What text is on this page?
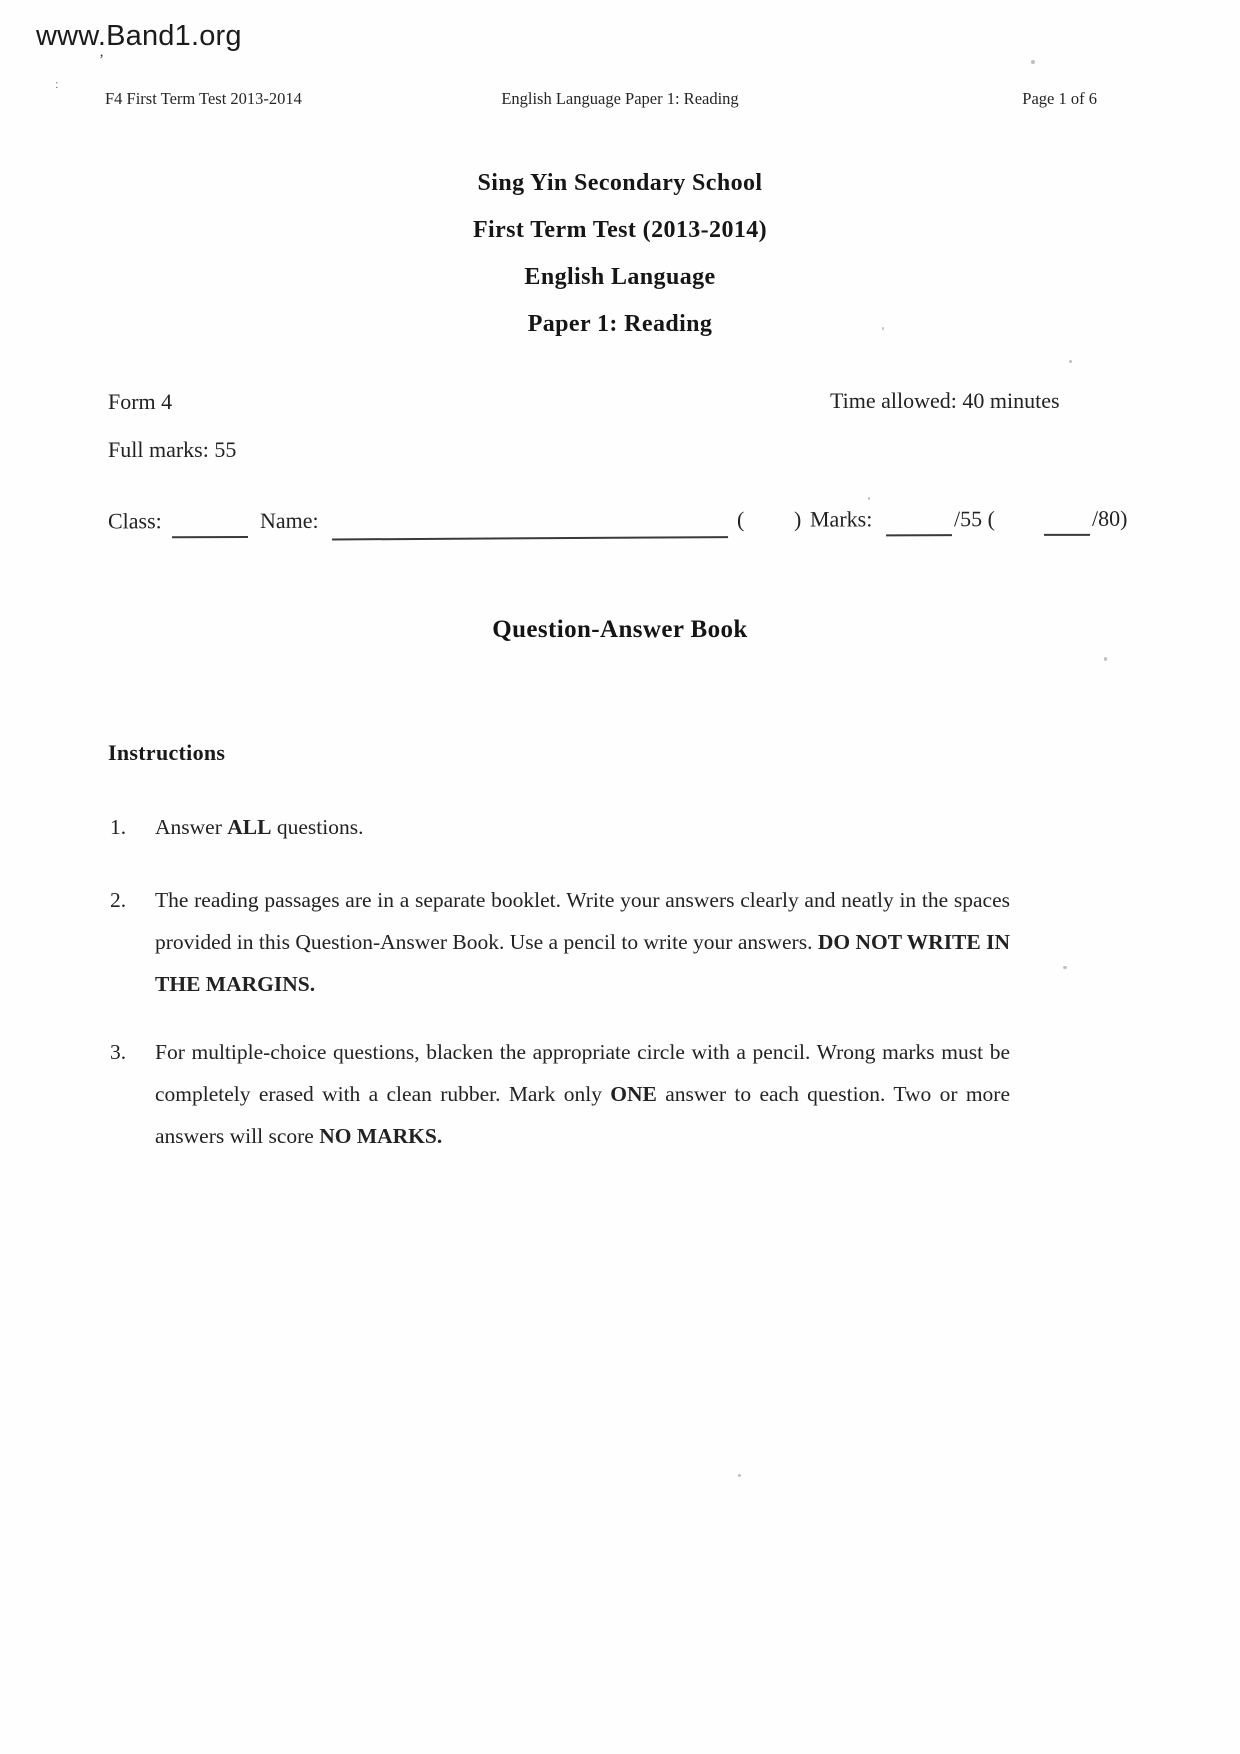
www.Band1.org
’
ː
F4 First Term Test 2013-2014	English Language Paper 1: Reading	Page 1 of 6
Sing Yin Secondary School
First Term Test (2013-2014)
English Language
Paper 1: Reading
Form 4	Time allowed: 40 minutes
Full marks: 55
Class:	Name:	( ) Marks:	/55 (	/80)
Question-Answer Book
Instructions
1. Answer ALL questions.
2. The reading passages are in a separate booklet. Write your answers clearly and neatly in the spaces provided in this Question-Answer Book. Use a pencil to write your answers. DO NOT WRITE IN THE MARGINS.
3. For multiple-choice questions, blacken the appropriate circle with a pencil. Wrong marks must be completely erased with a clean rubber. Mark only ONE answer to each question. Two or more answers will score NO MARKS.
